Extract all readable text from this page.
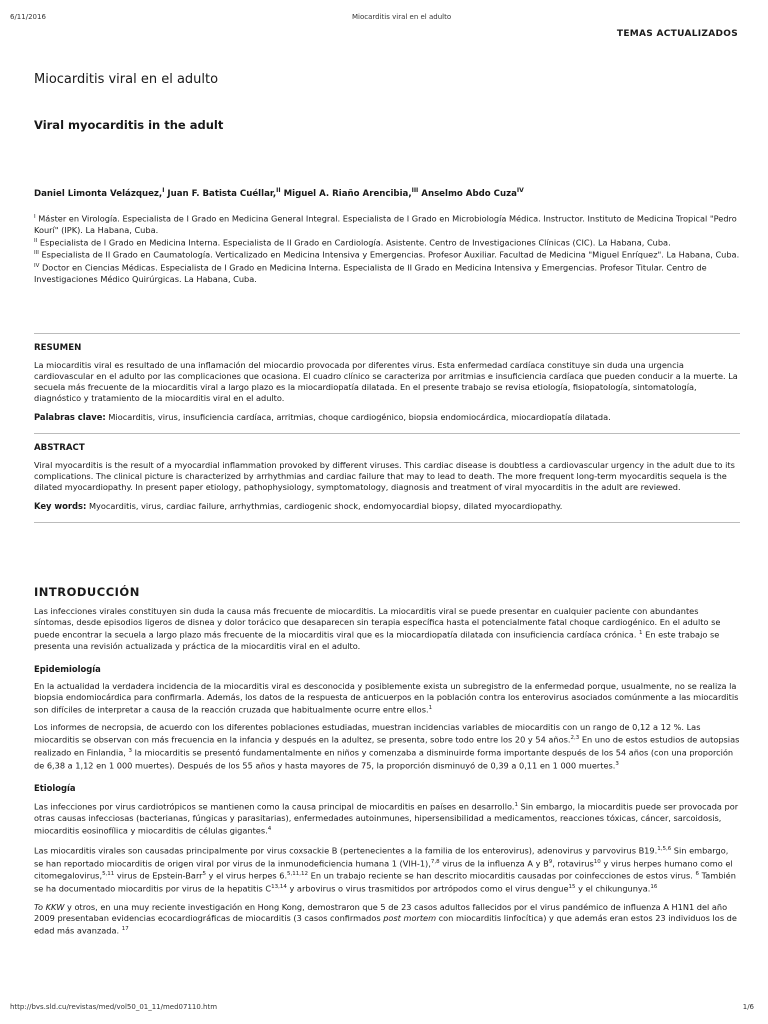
6/11/2016	Miocarditis viral en el adulto
TEMAS ACTUALIZADOS
Miocarditis viral en el adulto
Viral myocarditis in the adult
Daniel Limonta Velázquez,$^I$ Juan F. Batista Cuéllar,$^{II}$ Miguel A. Riaño Arencibia,$^{III}$ Anselmo Abdo Cuza$^{IV}$
$^I$ Máster en Virología. Especialista de I Grado en Medicina General Integral. Especialista de I Grado en Microbiología Médica. Instructor. Instituto de Medicina Tropical "Pedro Kourí" (IPK). La Habana, Cuba.
$^{II}$ Especialista de I Grado en Medicina Interna. Especialista de II Grado en Cardiología. Asistente. Centro de Investigaciones Clínicas (CIC). La Habana, Cuba.
$^{III}$ Especialista de II Grado en Caumatología. Verticalizado en Medicina Intensiva y Emergencias. Profesor Auxiliar. Facultad de Medicina "Miguel Enríquez". La Habana, Cuba.
$^{IV}$ Doctor en Ciencias Médicas. Especialista de I Grado en Medicina Interna. Especialista de II Grado en Medicina Intensiva y Emergencias. Profesor Titular. Centro de Investigaciones Médico Quirúrgicas. La Habana, Cuba.
RESUMEN

La miocarditis viral es resultado de una inflamación del miocardio provocada por diferentes virus. Esta enfermedad cardíaca constituye sin duda una urgencia cardiovascular en el adulto por las complicaciones que ocasiona. El cuadro clínico se caracteriza por arritmias e insuficiencia cardíaca que pueden conducir a la muerte. La secuela más frecuente de la miocarditis viral a largo plazo es la miocardiopatía dilatada. En el presente trabajo se revisa etiología, fisiopatología, sintomatología, diagnóstico y tratamiento de la miocarditis viral en el adulto.

Palabras clave: Miocarditis, virus, insuficiencia cardíaca, arritmias, choque cardiogénico, biopsia endomiocárdica, miocardiopatía dilatada.
ABSTRACT

Viral myocarditis is the result of a myocardial inflammation provoked by different viruses. This cardiac disease is doubtless a cardiovascular urgency in the adult due to its complications. The clinical picture is characterized by arrhythmias and cardiac failure that may to lead to death. The more frequent long-term myocarditis sequela is the dilated myocardiopathy. In present paper etiology, pathophysiology, symptomatology, diagnosis and treatment of viral myocarditis in the adult are reviewed.

Key words: Myocarditis, virus, cardiac failure, arrhythmias, cardiogenic shock, endomyocardial biopsy, dilated myocardiopathy.
INTRODUCCIÓN

Las infecciones virales constituyen sin duda la causa más frecuente de miocarditis. La miocarditis viral se puede presentar en cualquier paciente con abundantes síntomas, desde episodios ligeros de disnea y dolor torácico que desaparecen sin terapia específica hasta el potencialmente fatal choque cardiogénico. En el adulto se puede encontrar la secuela a largo plazo más frecuente de la miocarditis viral que es la miocardiopatía dilatada con insuficiencia cardíaca crónica. $^1$ En este trabajo se presenta una revisión actualizada y práctica de la miocarditis viral en el adulto.

Epidemiología

En la actualidad la verdadera incidencia de la miocarditis viral es desconocida y posiblemente exista un subregistro de la enfermedad porque, usualmente, no se realiza la biopsia endomiocárdica para confirmarla. Además, los datos de la respuesta de anticuerpos en la población contra los enterovirus asociados comúnmente a las miocarditis son difíciles de interpretar a causa de la reacción cruzada que habitualmente ocurre entre ellos.$^1$

Los informes de necropsia, de acuerdo con los diferentes poblaciones estudiadas, muestran incidencias variables de miocarditis con un rango de 0,12 a 12 %. Las miocarditis se observan con más frecuencia en la infancia y después en la adultez, se presenta, sobre todo entre los 20 y 54 años.$^{2,3}$ En uno de estos estudios de autopsias realizado en Finlandia, $^3$ la miocarditis se presentó fundamentalmente en niños y comenzaba a disminuirde forma importante después de los 54 años (con una proporción de 6,38 a 1,12 en 1 000 muertes). Después de los 55 años y hasta mayores de 75, la proporción disminuyó de 0,39 a 0,11 en 1 000 muertes.$^3$

Etiología

Las infecciones por virus cardiotrópicos se mantienen como la causa principal de miocarditis en países en desarrollo.$^1$ Sin embargo, la miocarditis puede ser provocada por otras causas infecciosas (bacterianas, fúngicas y parasitarias), enfermedades autoinmunes, hipersensibilidad a medicamentos, reacciones tóxicas, cáncer, sarcoidosis, miocarditis eosinofílica y miocarditis de células gigantes.$^4$

Las miocarditis virales son causadas principalmente por virus coxsackie B (pertenecientes a la familia de los enterovirus), adenovirus y parvovirus B19.$^{1,5,6}$ Sin embargo, se han reportado miocarditis de origen viral por virus de la inmunodeficiencia humana 1 (VIH-1),$^{7,8}$ virus de la influenza A y B$^9$, rotavirus$^{10}$ y virus herpes humano como el citomegalovirus,$^{5,11}$ virus de Epstein-Barr$^5$ y el virus herpes 6.$^{5,11,12}$ En un trabajo reciente se han descrito miocarditis causadas por coinfecciones de estos virus. $^6$ También se ha documentado miocarditis por virus de la hepatitis C$^{13,14}$ y arbovirus o virus trasmitidos por artrópodos como el virus dengue$^{15}$ y el chikungunya.$^{16}$

To KKW y otros, en una muy reciente investigación en Hong Kong, demostraron que 5 de 23 casos adultos fallecidos por el virus pandémico de influenza A H1N1 del año 2009 presentaban evidencias ecocardiográficas de miocarditis (3 casos confirmados post mortem con miocarditis linfocítica) y que además eran estos 23 individuos los de edad más avanzada. $^{17}$

http://bvs.sld.cu/revistas/med/vol50_01_11/med07110.htm	1/6
